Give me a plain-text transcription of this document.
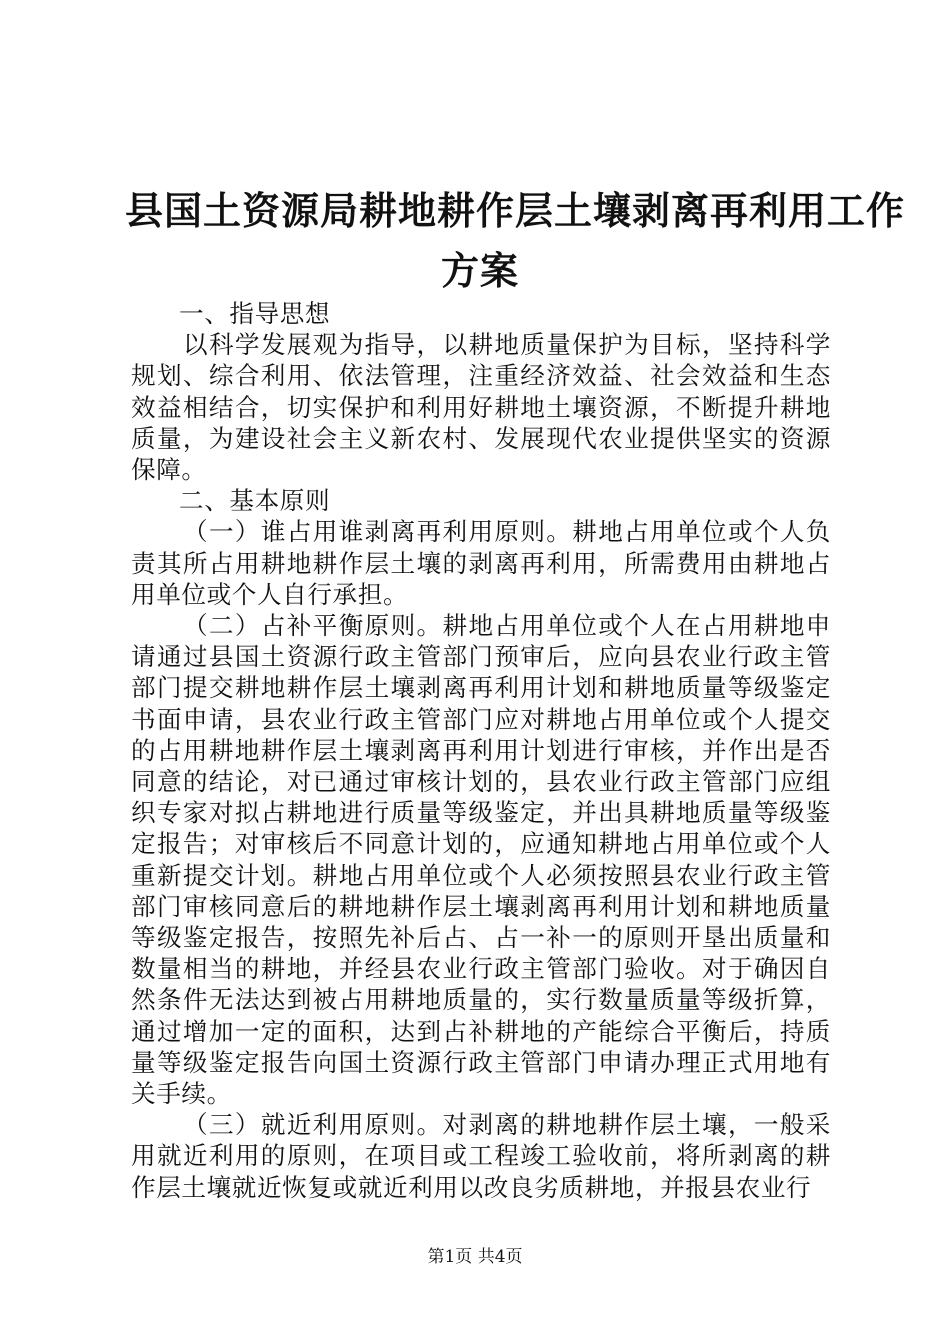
县国土资源局耕地耕作层土壤剥离再利用工作
方案

一、指导思想

以科学发展观为指导，以耕地质量保护为目标，坚持科学规划、综合利用、依法管理，注重经济效益、社会效益和生态效益相结合，切实保护和利用好耕地土壤资源，不断提升耕地质量，为建设社会主义新农村、发展现代农业提供坚实的资源保障。

二、基本原则

（一）谁占用谁剥离再利用原则。耕地占用单位或个人负责其所占用耕地耕作层土壤的剥离再利用，所需费用由耕地占用单位或个人自行承担。

（二）占补平衡原则。耕地占用单位或个人在占用耕地申请通过县国土资源行政主管部门预审后，应向县农业行政主管部门提交耕地耕作层土壤剥离再利用计划和耕地质量等级鉴定书面申请，县农业行政主管部门应对耕地占用单位或个人提交的占用耕地耕作层土壤剥离再利用计划进行审核，并作出是否同意的结论，对已通过审核计划的，县农业行政主管部门应组织专家对拟占耕地进行质量等级鉴定，并出具耕地质量等级鉴定报告；对审核后不同意计划的，应通知耕地占用单位或个人重新提交计划。耕地占用单位或个人必须按照县农业行政主管部门审核同意后的耕地耕作层土壤剥离再利用计划和耕地质量等级鉴定报告，按照先补后占、占一补一的原则开垦出质量和数量相当的耕地，并经县农业行政主管部门验收。对于确因自然条件无法达到被占用耕地质量的，实行数量质量等级折算，通过增加一定的面积，达到占补耕地的产能综合平衡后，持质量等级鉴定报告向国土资源行政主管部门申请办理正式用地有关手续。

（三）就近利用原则。对剥离的耕地耕作层土壤，一般采用就近利用的原则，在项目或工程竣工验收前，将所剥离的耕作层土壤就近恢复或就近利用以改良劣质耕地，并报县农业行

第1页 共4页
